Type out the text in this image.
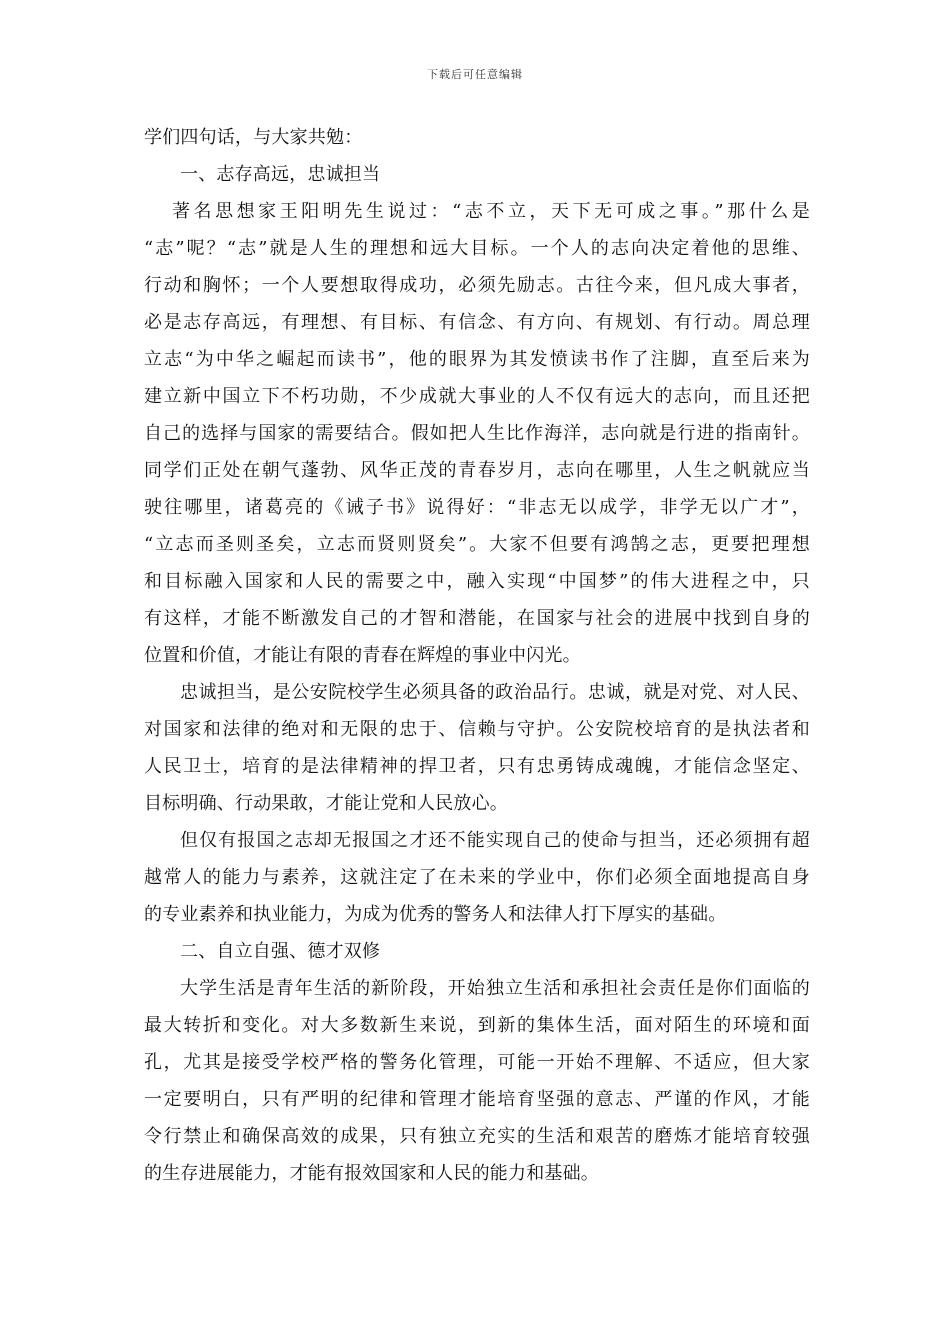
下载后可任意编辑
学们四句话，与大家共勉：
一、志存高远，忠诚担当
著名思想家王阳明先生说过：“志不立，天下无可成之事。”那什么是
“志”呢？“志”就是人生的理想和远大目标。一个人的志向决定着他的思维、
行动和胸怀；一个人要想取得成功，必须先励志。古往今来，但凡成大事者，
必是志存高远，有理想、有目标、有信念、有方向、有规划、有行动。周总理
立志“为中华之崛起而读书”，他的眼界为其发愤读书作了注脚，直至后来为
建立新中国立下不朽功勋，不少成就大事业的人不仅有远大的志向，而且还把
自己的选择与国家的需要结合。假如把人生比作海洋，志向就是行进的指南针。
同学们正处在朝气蓬勃、风华正茂的青春岁月，志向在哪里，人生之帆就应当
驶往哪里，诸葛亮的《诫子书》说得好：“非志无以成学，非学无以广才”，
“立志而圣则圣矣，立志而贤则贤矣”。大家不但要有鸿鹄之志，更要把理想
和目标融入国家和人民的需要之中，融入实现“中国梦”的伟大进程之中，只
有这样，才能不断激发自己的才智和潜能，在国家与社会的进展中找到自身的
位置和价值，才能让有限的青春在辉煌的事业中闪光。
忠诚担当，是公安院校学生必须具备的政治品行。忠诚，就是对党、对人民、
对国家和法律的绝对和无限的忠于、信赖与守护。公安院校培育的是执法者和
人民卫士，培育的是法律精神的捍卫者，只有忠勇铸成魂魄，才能信念坚定、
目标明确、行动果敢，才能让党和人民放心。
但仅有报国之志却无报国之才还不能实现自己的使命与担当，还必须拥有超
越常人的能力与素养，这就注定了在未来的学业中，你们必须全面地提高自身
的专业素养和执业能力，为成为优秀的警务人和法律人打下厚实的基础。
二、自立自强、德才双修
大学生活是青年生活的新阶段，开始独立生活和承担社会责任是你们面临的
最大转折和变化。对大多数新生来说，到新的集体生活，面对陌生的环境和面
孔，尤其是接受学校严格的警务化管理，可能一开始不理解、不适应，但大家
一定要明白，只有严明的纪律和管理才能培育坚强的意志、严谨的作风，才能
令行禁止和确保高效的成果，只有独立充实的生活和艰苦的磨炼才能培育较强
的生存进展能力，才能有报效国家和人民的能力和基础。
